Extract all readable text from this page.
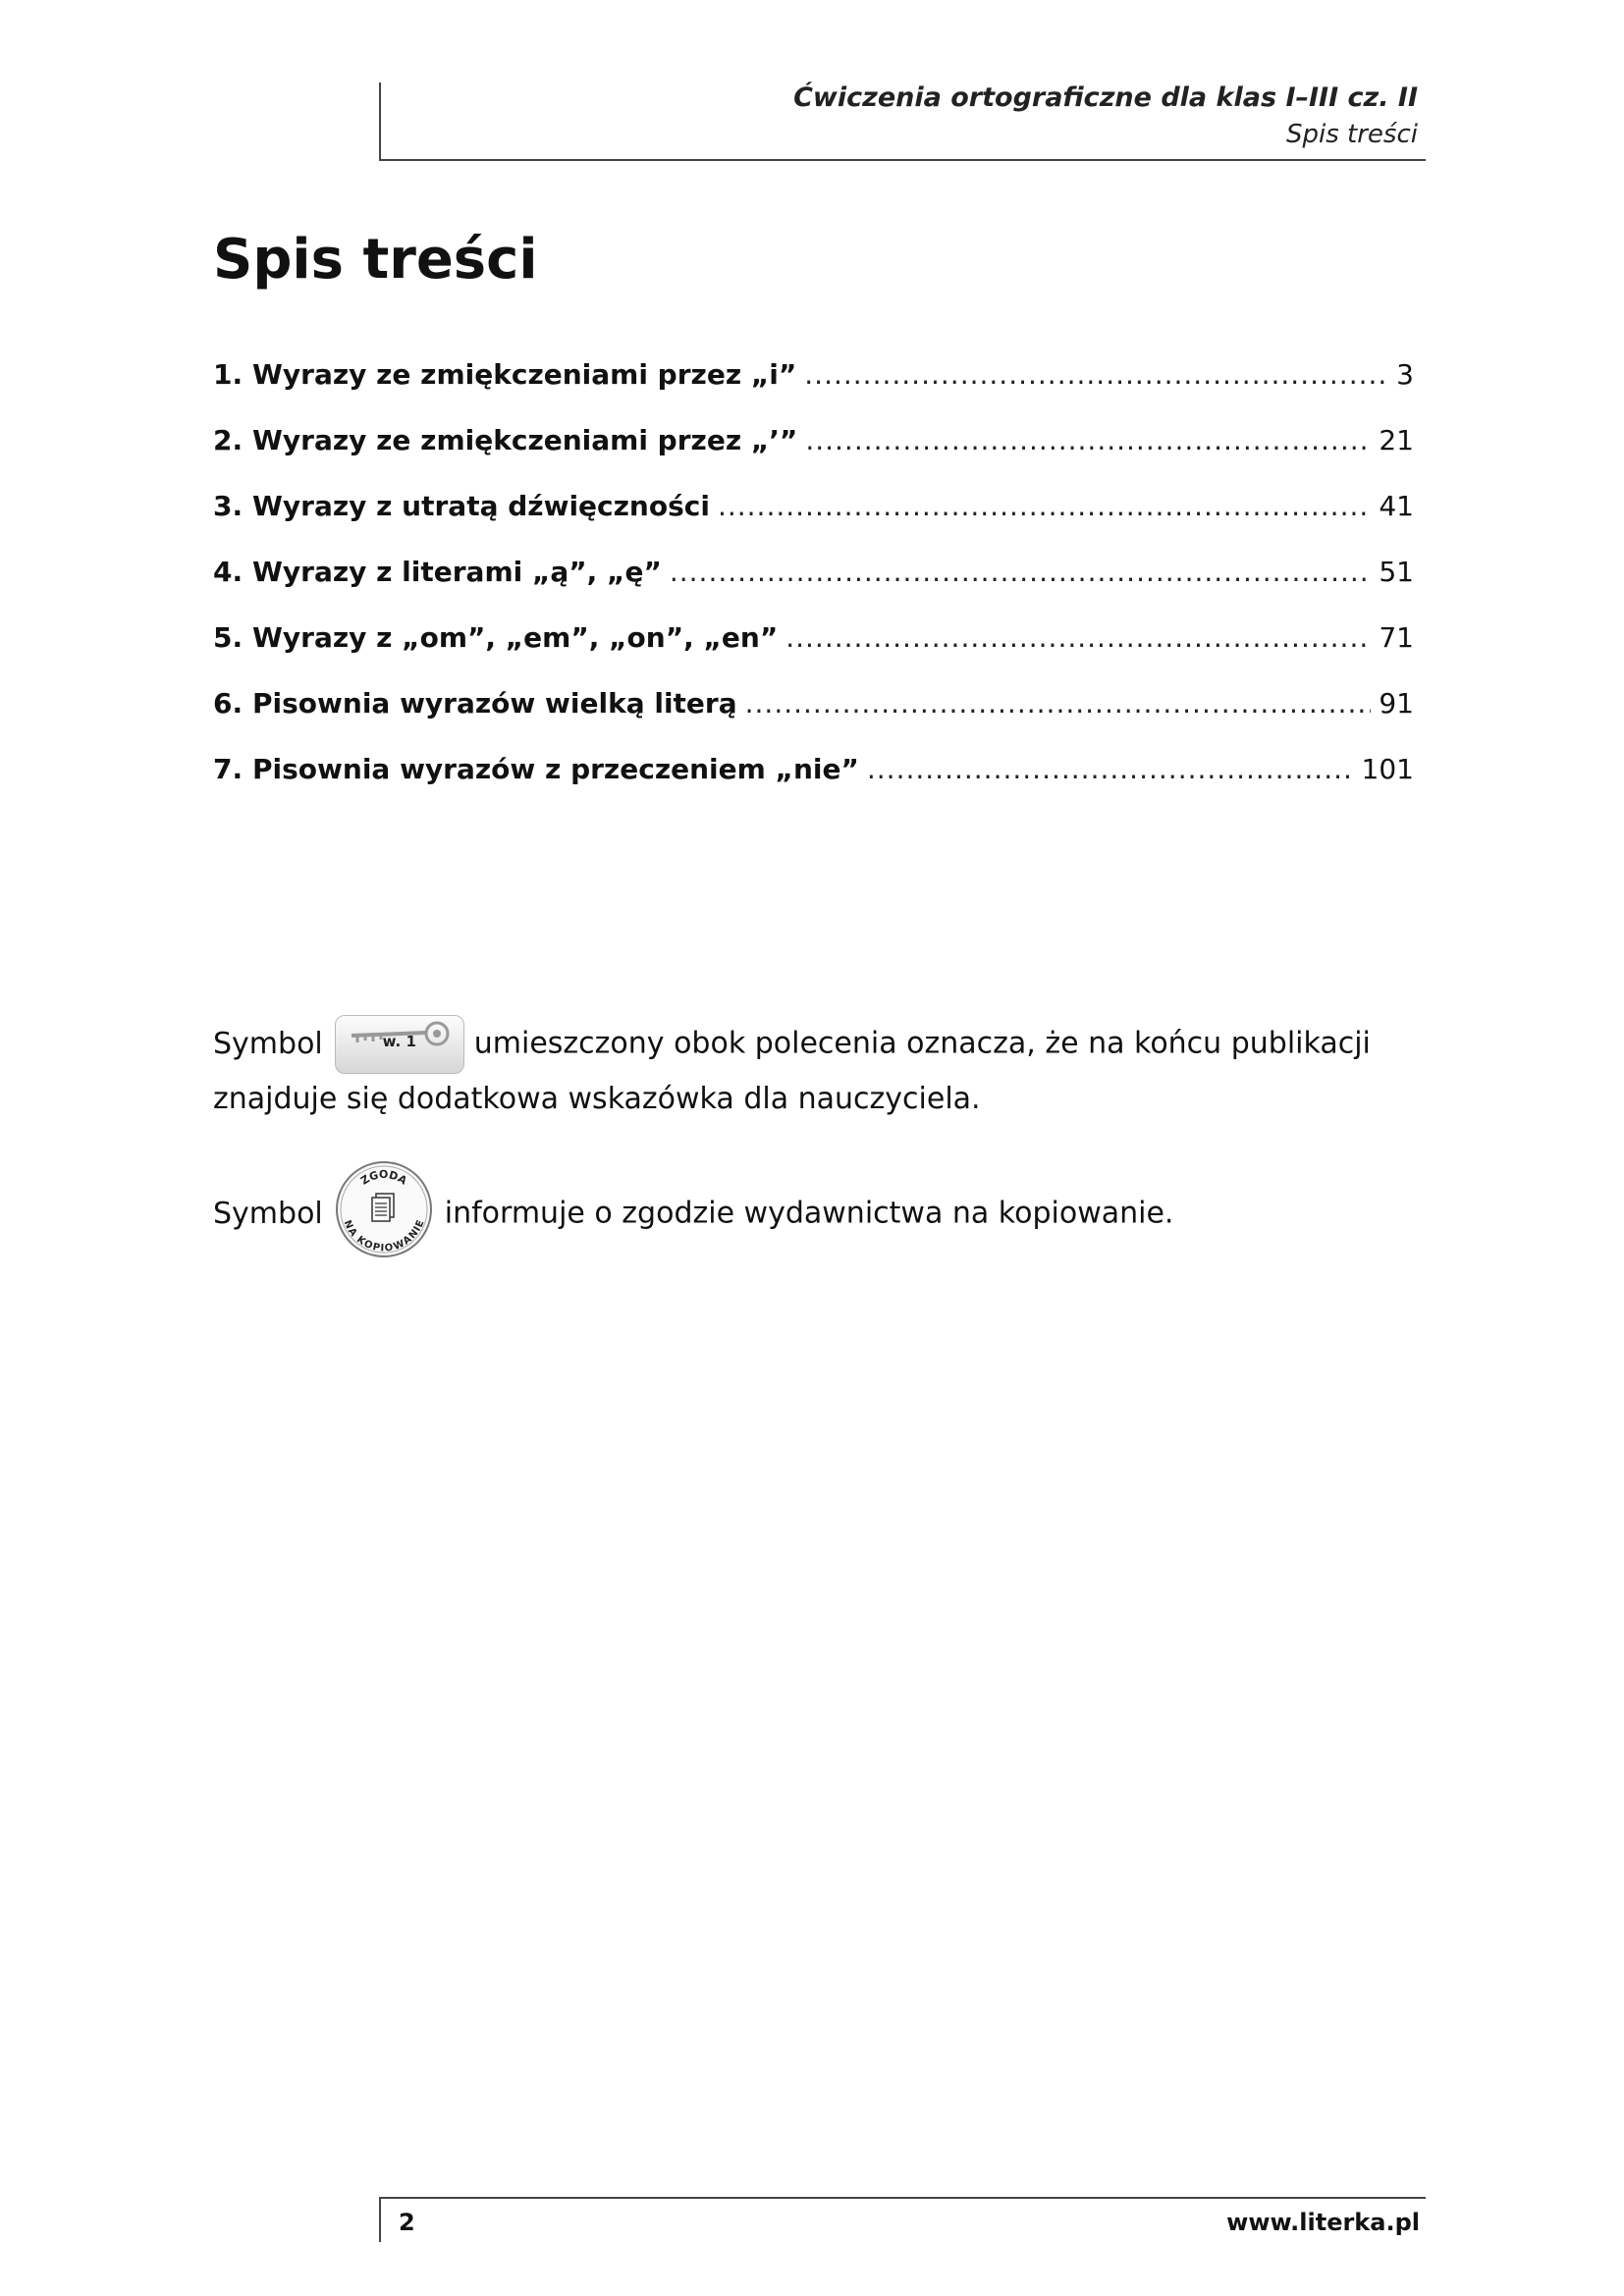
Ćwiczenia ortograficzne dla klas I–III cz. II
Spis treści
Spis treści
1. Wyrazy ze zmiękczeniami przez „i” .....	3
2. Wyrazy ze zmiękczeniami przez „’” .....	21
3. Wyrazy z utratą dźwięczności .....	41
4. Wyrazy z literami „ą”, „ę” .....	51
5. Wyrazy z „om”, „em”, „on”, „en” .....	71
6. Pisownia wyrazów wielką literą .....	91
7. Pisownia wyrazów z przeczeniem „nie” .....	101
Symbol	w. 1	umieszczony obok polecenia oznacza, że na końcu publikacji znajduje się dodatkowa wskazówka dla nauczyciela.
Symbol
ZGODA
NA KOPIOWANIE informuje o zgodzie wydawnictwa na kopiowanie.
2	www.literka.pl
